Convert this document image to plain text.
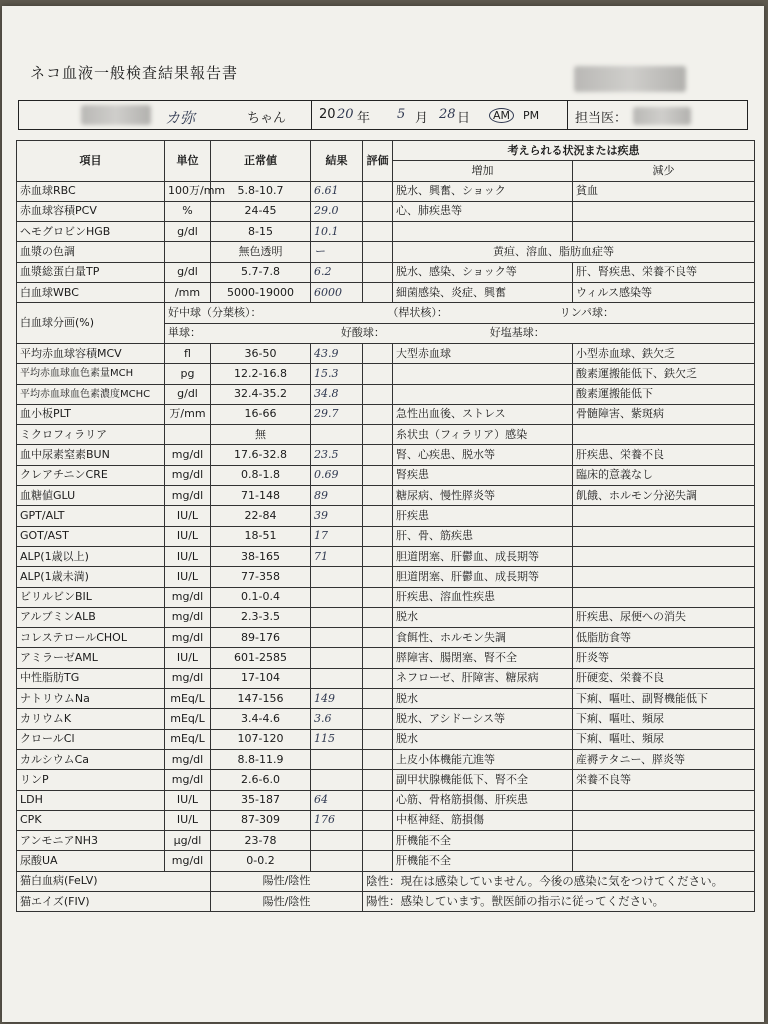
ネコ血液一般検査結果報告書
カ弥	ちゃん	20 20 年 5 月 28 日	AM	PM	担当医：
項目	単位	正常値	結果	評価	考えられる状況または疾患	
					増加	減少
赤血球RBC	100万/mm	5.8-10.7	6.61		脱水、興奮、ショック	貧血
赤血球容積PCV	%	24-45	29.0		心、肺疾患等	
ヘモグロビンHGB	g/dl	8-15	10.1			
血漿の色調		無色透明	ー		黄疸、溶血、脂肪血症等	
血漿総蛋白量TP	g/dl	5.7-7.8	6.2		脱水、感染、ショック等	肝、腎疾患、栄養不良等
白血球WBC	/mm	5000-19000	6000		細菌感染、炎症、興奮	ウィルス感染等
白血球分画(%)	好中球（分葉核）：                                    （桿状核）：                                リンパ球：					
	単球：                                        好酸球：                              好塩基球：					
平均赤血球容積MCV	fl	36-50	43.9		大型赤血球	小型赤血球、鉄欠乏
平均赤血球血色素量MCH	pg	12.2-16.8	15.3			酸素運搬能低下、鉄欠乏
平均赤血球血色素濃度MCHC	g/dl	32.4-35.2	34.8			酸素運搬能低下
血小板PLT	万/mm	16-66	29.7		急性出血後、ストレス	骨髄障害、紫斑病
ミクロフィラリア		無			糸状虫（フィラリア）感染	
血中尿素窒素BUN	mg/dl	17.6-32.8	23.5		腎、心疾患、脱水等	肝疾患、栄養不良
クレアチニンCRE	mg/dl	0.8-1.8	0.69		腎疾患	臨床的意義なし
血糖値GLU	mg/dl	71-148	89		糖尿病、慢性膵炎等	飢餓、ホルモン分泌失調
GPT/ALT	IU/L	22-84	39		肝疾患	
GOT/AST	IU/L	18-51	17		肝、骨、筋疾患	
ALP(1歳以上)	IU/L	38-165	71		胆道閉塞、肝鬱血、成長期等	
ALP(1歳未満)	IU/L	77-358			胆道閉塞、肝鬱血、成長期等	
ビリルビンBIL	mg/dl	0.1-0.4			肝疾患、溶血性疾患	
アルブミンALB	mg/dl	2.3-3.5			脱水	肝疾患、尿便への消失
コレステロールCHOL	mg/dl	89-176			食餌性、ホルモン失調	低脂肪食等
アミラーゼAML	IU/L	601-2585			膵障害、腸閉塞、腎不全	肝炎等
中性脂肪TG	mg/dl	17-104			ネフローゼ、肝障害、糖尿病	肝硬変、栄養不良
ナトリウムNa	mEq/L	147-156	149		脱水	下痢、嘔吐、副腎機能低下
カリウムK	mEq/L	3.4-4.6	3.6		脱水、アシドーシス等	下痢、嘔吐、頻尿
クロールCl	mEq/L	107-120	115		脱水	下痢、嘔吐、頻尿
カルシウムCa	mg/dl	8.8-11.9			上皮小体機能亢進等	産褥テタニー、膵炎等
リンP	mg/dl	2.6-6.0			副甲状腺機能低下、腎不全	栄養不良等
LDH	IU/L	35-187	64		心筋、骨格筋損傷、肝疾患	
CPK	IU/L	87-309	176		中枢神経、筋損傷	
アンモニアNH3	μg/dl	23-78			肝機能不全	
尿酸UA	mg/dl	0-0.2			肝機能不全	
猫白血病(FeLV)		陽性/陰性		陰性：現在は感染していません。今後の感染に気をつけてください。		
猫エイズ(FIV)		陽性/陰性		陽性：感染しています。獣医師の指示に従ってください。		
